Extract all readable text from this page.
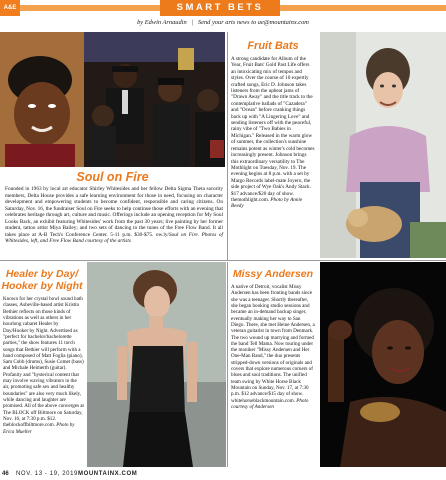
A&E	SMART BETS
by Edwin Arnaudin | Send your arts news to ae@mountainx.com
Soul on Fire
Founded in 1963 by local art educator Shirley Whitesides and her fellow Delta Sigma Theta sorority members, Delta House provides a safe learning environment for those in need, focusing on character development and empowering students to become confident, responsible and caring citizens. On Saturday, Nov. 16, the fundraiser Soul on Fire seeks to help continue those efforts with an evening that celebrates heritage through art, culture and music. Offerings include an opening reception for My Soul Looks Back, an exhibit featuring Whitesides' work from the past 30 years; live painting by her former student, tattoo artist Miya Bailey; and two sets of dancing to the tunes of the Free Flow Band. It all takes place at A-B Tech's Conference Center. 5-11 p.m. $30-$75. ow.ly/Soul on Fire. Photos of Whitesides, left, and Free Flow Band courtesy of the artists
Fruit Bats
A strong candidate for Album of the Year, Fruit Bats' Gold Past Life offers an intoxicating mix of tempos and styles. Over the course of 10 expertly crafted songs, Eric D. Johnson takes listeners from the upbeat jams of "Drawn Away" and the title track to the contemplative ballads of "Cazadera" and "Ocean" before cranking things back up with "A Lingering Love" and sending listeners off with the peaceful, rainy vibe of "Two Babies in Michigan." Released in the warm glow of summer, the collection's sunshine remains potent as winter's cold becomes increasingly present. Johnson brings this extraordinary versatility to The Mothlight on Tuesday, Nov. 19. The evening begins at 8 p.m. with a set by Margo Records label-mate Joyero, the side project of Wye Oak's Andy Stack. $17 advance/$20 day of show. themothlight.com. Photo by Annie Beedy
Healer by Day/
Hooker by Night
Known for her crystal bowl sound bath classes, Asheville-based artist Kristin Bethier reflects on those kinds of vibrations as well as others in her hourlong cabaret Healer by Day/Hooker by Night. Advertised as "perfect for bachelor/bachelorette parties," the show features 11 torch songs that Bethier will perform with a band composed of Matt Foglia (piano), Sam Cobb (drums), Susie Comet (bass) and Michale Heimerth (guitar). Profanity and "hysterical content that may involve waving vibrators in the air, promoting safe sex and healthy boundaries" are also very much likely, while dancing and laughter are promised. All of the above converges at The BLOCK off Biltmore on Saturday, Nov. 16, at 7:30 p.m. $12. theblockoffbiltmore.com. Photo by Erica Mueller
Missy Andersen
A native of Detroit, vocalist Missy Andersen has been fronting bands since she was a teenager. Shortly thereafter, she began booking studio sessions and became an in-demand backup singer, eventually making her way to San Diego. There, she met Heine Andersen, a veteran guitarist in town from Denmark. The two wound up marrying and formed the band Tell Mama. Now touring under the moniker "Missy Andersen and Her One-Man Band," the duo presents stripped-down versions of originals and covers that explore numerous corners of blues and soul traditions. The unified team swing by White Horse Black Mountain on Sunday, Nov. 17, at 7:30 p.m. $12 advance/$15 day of show. whitehorseblackmountain.com. Photo courtesy of Andersen
46 NOV. 13 - 19, 2019 MOUNTAINX.COM
